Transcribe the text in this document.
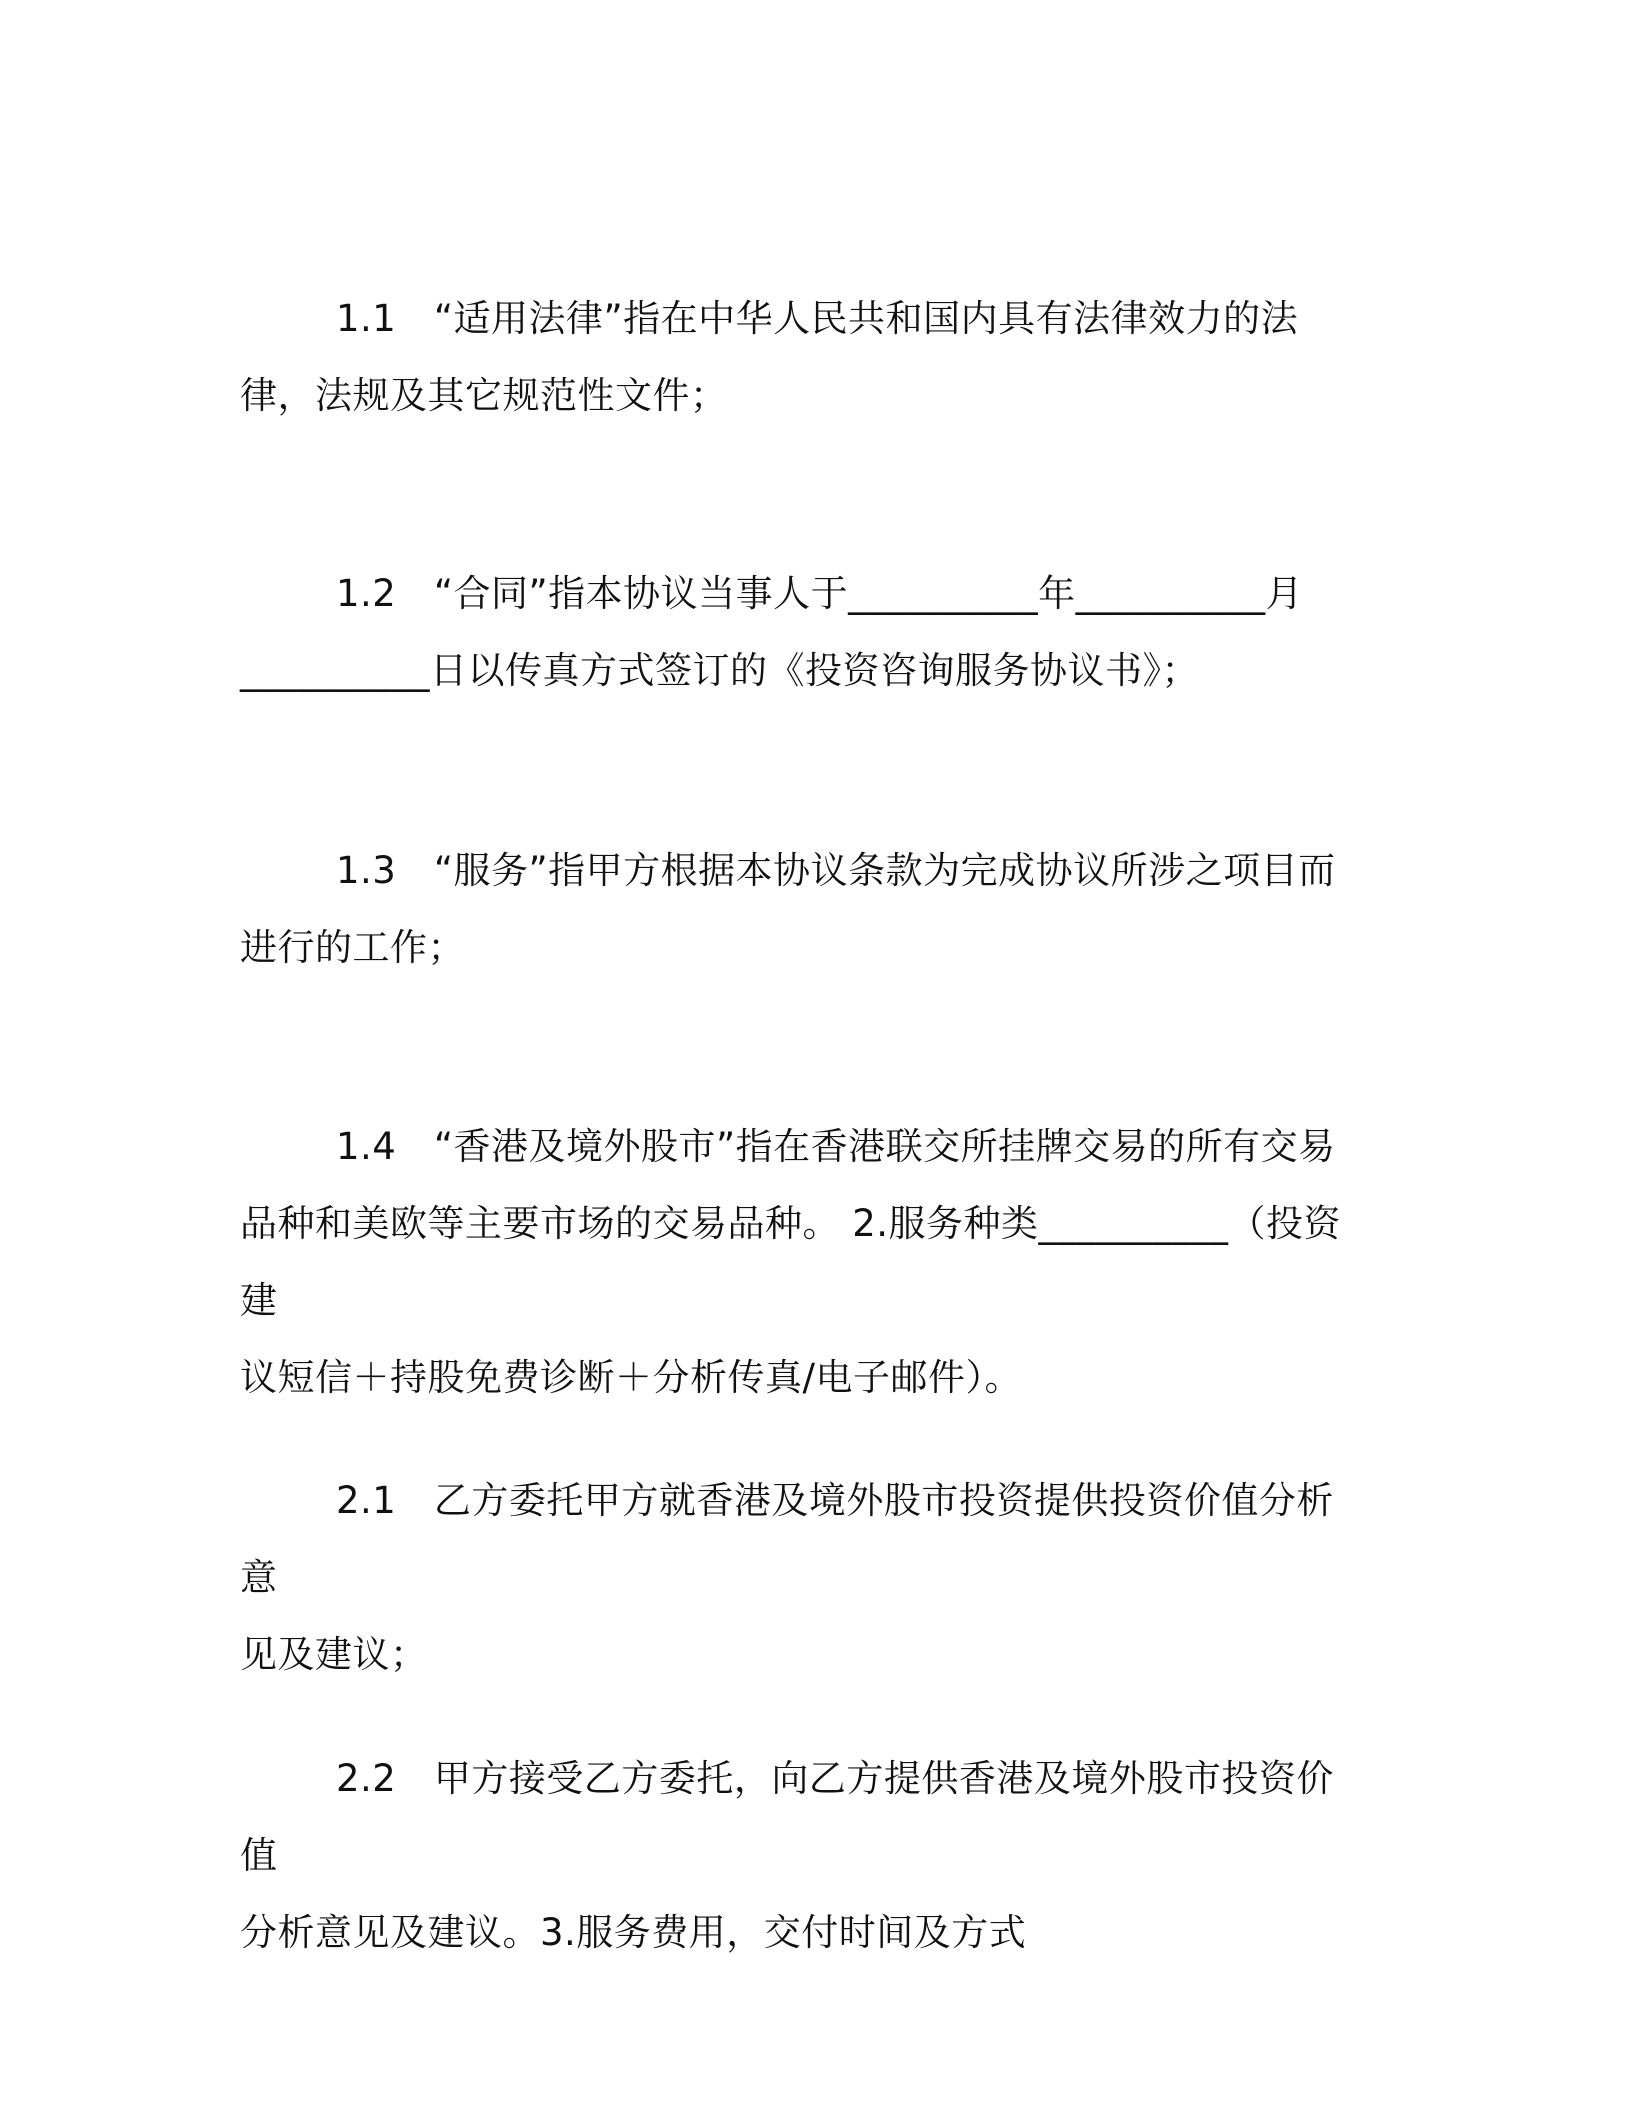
1.1　“适用法律”指在中华人民共和国内具有法律效力的法
律，法规及其它规范性文件；
1.2　“合同”指本协议当事人于__________年__________月
__________日以传真方式签订的《投资咨询服务协议书》；
1.3　“服务”指甲方根据本协议条款为完成协议所涉之项目而
进行的工作；
1.4　“香港及境外股市”指在香港联交所挂牌交易的所有交易
品种和美欧等主要市场的交易品种。 2.服务种类__________（投资建
议短信＋持股免费诊断＋分析传真/电子邮件）。
2.1　乙方委托甲方就香港及境外股市投资提供投资价值分析意
见及建议；
2.2　甲方接受乙方委托，向乙方提供香港及境外股市投资价值
分析意见及建议。3.服务费用，交付时间及方式
